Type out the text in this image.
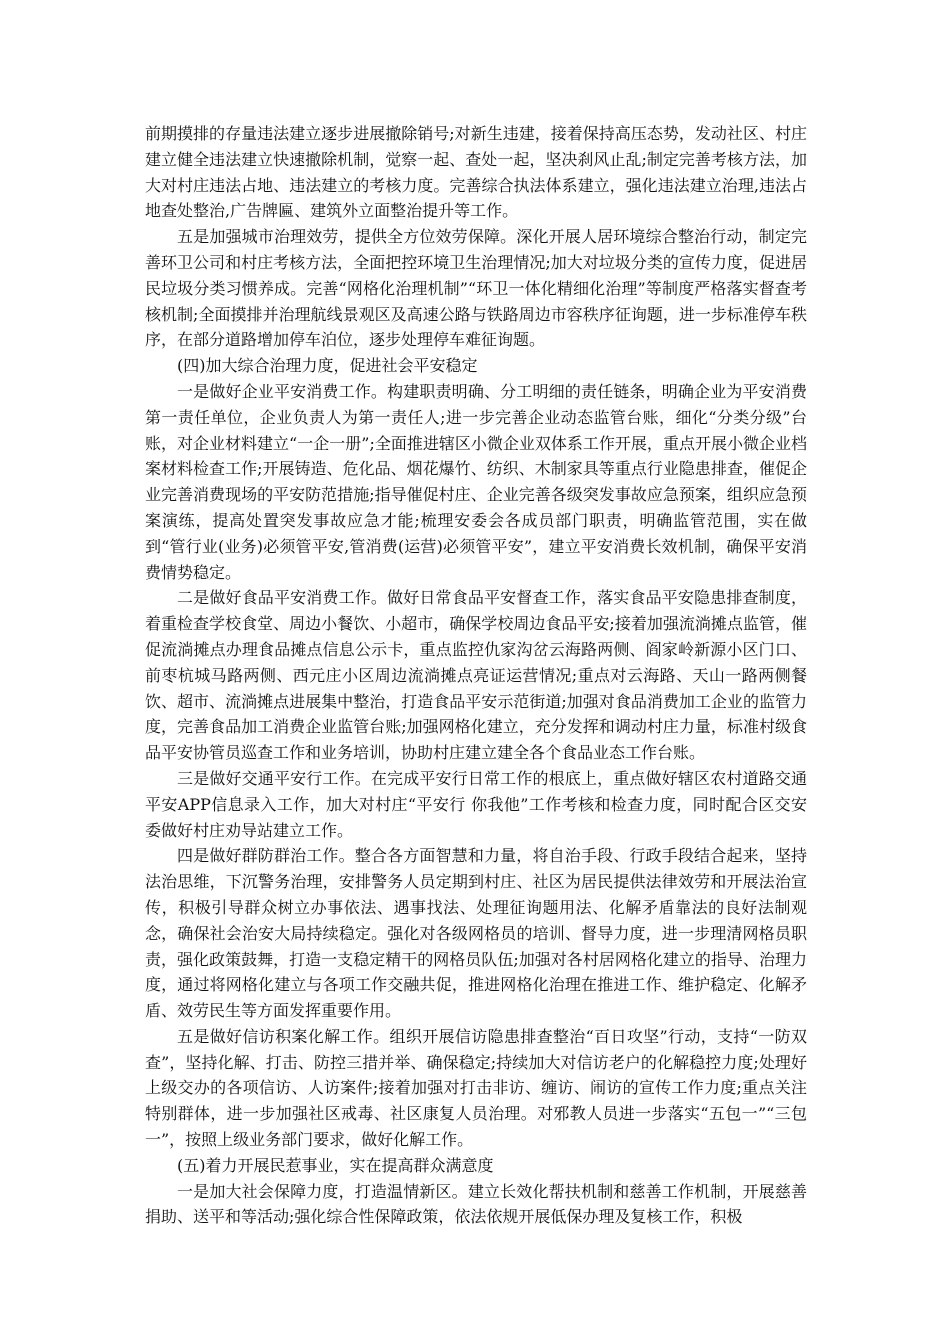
前期摸排的存量违法建立逐步进展撤除销号;对新生违建，接着保持高压态势，发动社区、村庄建立健全违法建立快速撤除机制，觉察一起、查处一起，坚决刹风止乱;制定完善考核方法，加大对村庄违法占地、违法建立的考核力度。完善综合执法体系建立，强化违法建立治理,违法占地查处整治,广告牌匾、建筑外立面整治提升等工作。

五是加强城市治理效劳，提供全方位效劳保障。深化开展人居环境综合整治行动，制定完善环卫公司和村庄考核方法，全面把控环境卫生治理情况;加大对垃圾分类的宣传力度，促进居民垃圾分类习惯养成。完善“网格化治理机制”“环卫一体化精细化治理”等制度严格落实督查考核机制;全面摸排并治理航线景观区及高速公路与铁路周边市容秩序征询题，进一步标准停车秩序，在部分道路增加停车泊位，逐步处理停车难征询题。

(四)加大综合治理力度，促进社会平安稳定

一是做好企业平安消费工作。构建职责明确、分工明细的责任链条，明确企业为平安消费第一责任单位，企业负责人为第一责任人;进一步完善企业动态监管台账，细化“分类分级”台账，对企业材料建立“一企一册”;全面推进辖区小微企业双体系工作开展，重点开展小微企业档案材料检查工作;开展铸造、危化品、烟花爆竹、纺织、木制家具等重点行业隐患排查，催促企业完善消费现场的平安防范措施;指导催促村庄、企业完善各级突发事故应急预案，组织应急预案演练，提高处置突发事故应急才能;梳理安委会各成员部门职责，明确监管范围，实在做到“管行业(业务)必须管平安,管消费(运营)必须管平安”，建立平安消费长效机制，确保平安消费情势稳定。

二是做好食品平安消费工作。做好日常食品平安督查工作，落实食品平安隐患排查制度，着重检查学校食堂、周边小餐饮、小超市，确保学校周边食品平安;接着加强流淌摊点监管，催促流淌摊点办理食品摊点信息公示卡，重点监控仇家沟岔云海路两侧、阎家岭新源小区门口、前枣杭城马路两侧、西元庄小区周边流淌摊点亮证运营情况;重点对云海路、天山一路两侧餐饮、超市、流淌摊点进展集中整治，打造食品平安示范街道;加强对食品消费加工企业的监管力度，完善食品加工消费企业监管台账;加强网格化建立，充分发挥和调动村庄力量，标准村级食品平安协管员巡查工作和业务培训，协助村庄建立建全各个食品业态工作台账。

三是做好交通平安行工作。在完成平安行日常工作的根底上，重点做好辖区农村道路交通平安APP信息录入工作，加大对村庄“平安行 你我他”工作考核和检查力度，同时配合区交安委做好村庄劝导站建立工作。

四是做好群防群治工作。整合各方面智慧和力量，将自治手段、行政手段结合起来，坚持法治思维，下沉警务治理，安排警务人员定期到村庄、社区为居民提供法律效劳和开展法治宣传，积极引导群众树立办事依法、遇事找法、处理征询题用法、化解矛盾靠法的良好法制观念，确保社会治安大局持续稳定。强化对各级网格员的培训、督导力度，进一步理清网格员职责，强化政策鼓舞，打造一支稳定精干的网格员队伍;加强对各村居网格化建立的指导、治理力度，通过将网格化建立与各项工作交融共促，推进网格化治理在推进工作、维护稳定、化解矛盾、效劳民生等方面发挥重要作用。

五是做好信访积案化解工作。组织开展信访隐患排查整治“百日攻坚”行动，支持“一防双查”，坚持化解、打击、防控三措并举、确保稳定;持续加大对信访老户的化解稳控力度;处理好上级交办的各项信访、人访案件;接着加强对打击非访、缠访、闹访的宣传工作力度;重点关注特别群体，进一步加强社区戒毒、社区康复人员治理。对邪教人员进一步落实“五包一”“三包一”，按照上级业务部门要求，做好化解工作。

(五)着力开展民惹事业，实在提高群众满意度

一是加大社会保障力度，打造温情新区。建立长效化帮扶机制和慈善工作机制，开展慈善捐助、送平和等活动;强化综合性保障政策，依法依规开展低保办理及复核工作，积极
